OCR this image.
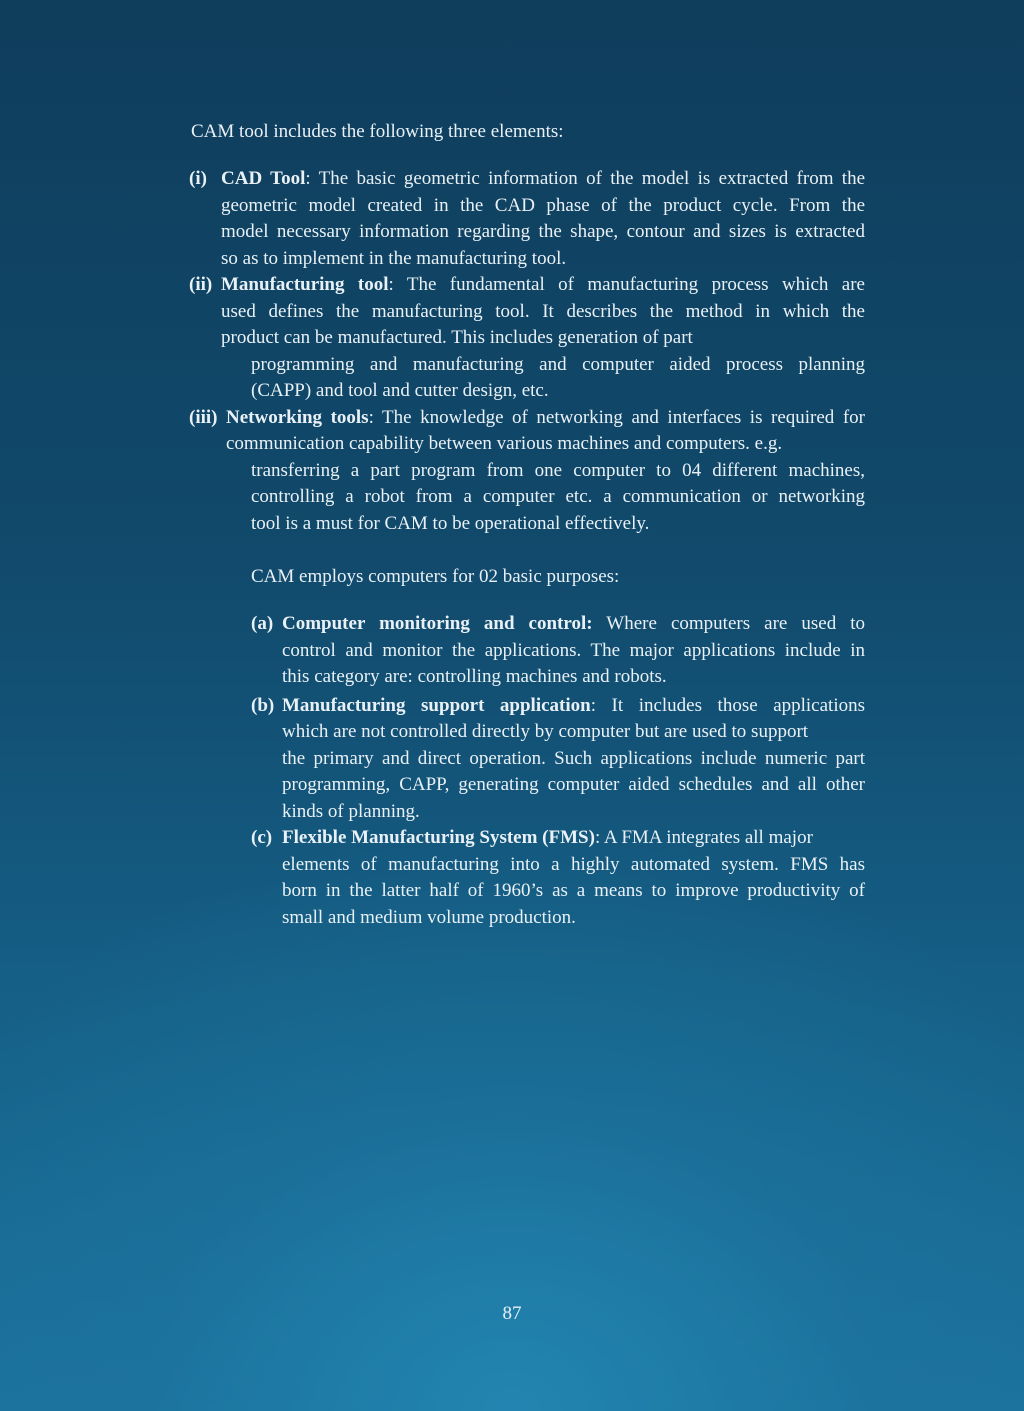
CAM tool includes the following three elements:

(i) CAD Tool: The basic geometric information of the model is extracted from the
geometric model created in the CAD phase of the product cycle. From the
model necessary information regarding the shape, contour and sizes is extracted
so as to implement in the manufacturing tool.
(ii) Manufacturing tool: The fundamental of manufacturing process which are
used defines the manufacturing tool. It describes the method in which the
product can be manufactured. This includes generation of part
programming and manufacturing and computer aided process planning
(CAPP) and tool and cutter design, etc.
(iii) Networking tools: The knowledge of networking and interfaces is required for
communication capability between various machines and computers. e.g.
transferring a part program from one computer to 04 different machines,
controlling a robot from a computer etc. a communication or networking
tool is a must for CAM to be operational effectively.

CAM employs computers for 02 basic purposes:

(a) Computer monitoring and control: Where computers are used to
control and monitor the applications. The major applications include in
this category are: controlling machines and robots.
(b) Manufacturing support application: It includes those applications
which are not controlled directly by computer but are used to support
the primary and direct operation. Such applications include numeric part
programming, CAPP, generating computer aided schedules and all other
kinds of planning.
(c) Flexible Manufacturing System (FMS): A FMA integrates all major
elements of manufacturing into a highly automated system. FMS has
born in the latter half of 1960’s as a means to improve productivity of
small and medium volume production.
87
